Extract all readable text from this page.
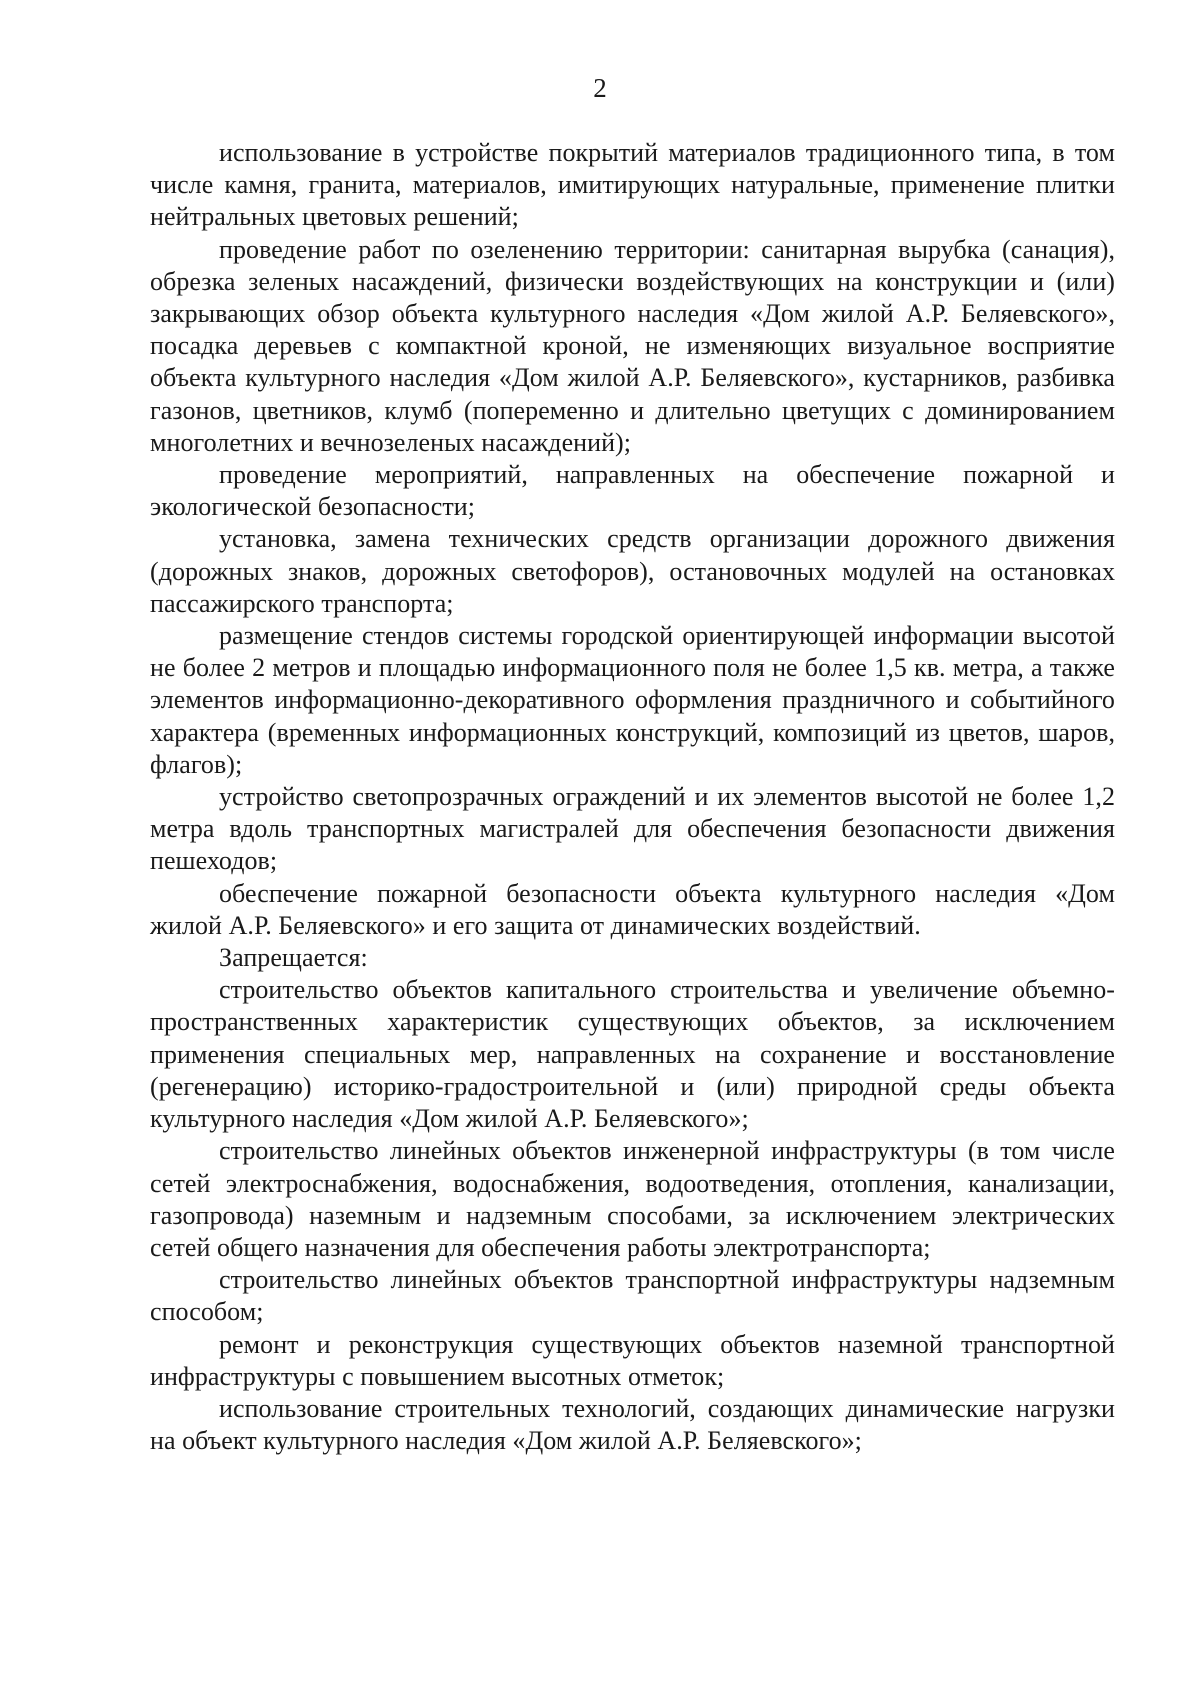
2

использование в устройстве покрытий материалов традиционного типа, в том числе камня, гранита, материалов, имитирующих натуральные, применение плитки нейтральных цветовых решений;

проведение работ по озеленению территории: санитарная вырубка (санация), обрезка зеленых насаждений, физически воздействующих на конструкции и (или) закрывающих обзор объекта культурного наследия «Дом жилой А.Р. Беляевского», посадка деревьев с компактной кроной, не изменяющих визуальное восприятие объекта культурного наследия «Дом жилой А.Р. Беляевского», кустарников, разбивка газонов, цветников, клумб (попеременно и длительно цветущих с доминированием многолетних и вечнозеленых насаждений);

проведение мероприятий, направленных на обеспечение пожарной и экологической безопасности;

установка, замена технических средств организации дорожного движения (дорожных знаков, дорожных светофоров), остановочных модулей на остановках пассажирского транспорта;

размещение стендов системы городской ориентирующей информации высотой не более 2 метров и площадью информационного поля не более 1,5 кв. метра, а также элементов информационно-декоративного оформления праздничного и событийного характера (временных информационных конструкций, композиций из цветов, шаров, флагов);

устройство светопрозрачных ограждений и их элементов высотой не более 1,2 метра вдоль транспортных магистралей для обеспечения безопасности движения пешеходов;

обеспечение пожарной безопасности объекта культурного наследия «Дом жилой А.Р. Беляевского» и его защита от динамических воздействий.

Запрещается:

строительство объектов капитального строительства и увеличение объемно-пространственных характеристик существующих объектов, за исключением применения специальных мер, направленных на сохранение и восстановление (регенерацию) историко-градостроительной и (или) природной среды объекта культурного наследия «Дом жилой А.Р. Беляевского»;

строительство линейных объектов инженерной инфраструктуры (в том числе сетей электроснабжения, водоснабжения, водоотведения, отопления, канализации, газопровода) наземным и надземным способами, за исключением электрических сетей общего назначения для обеспечения работы электротранспорта;

строительство линейных объектов транспортной инфраструктуры надземным способом;

ремонт и реконструкция существующих объектов наземной транспортной инфраструктуры с повышением высотных отметок;

использование строительных технологий, создающих динамические нагрузки на объект культурного наследия «Дом жилой А.Р. Беляевского»;
